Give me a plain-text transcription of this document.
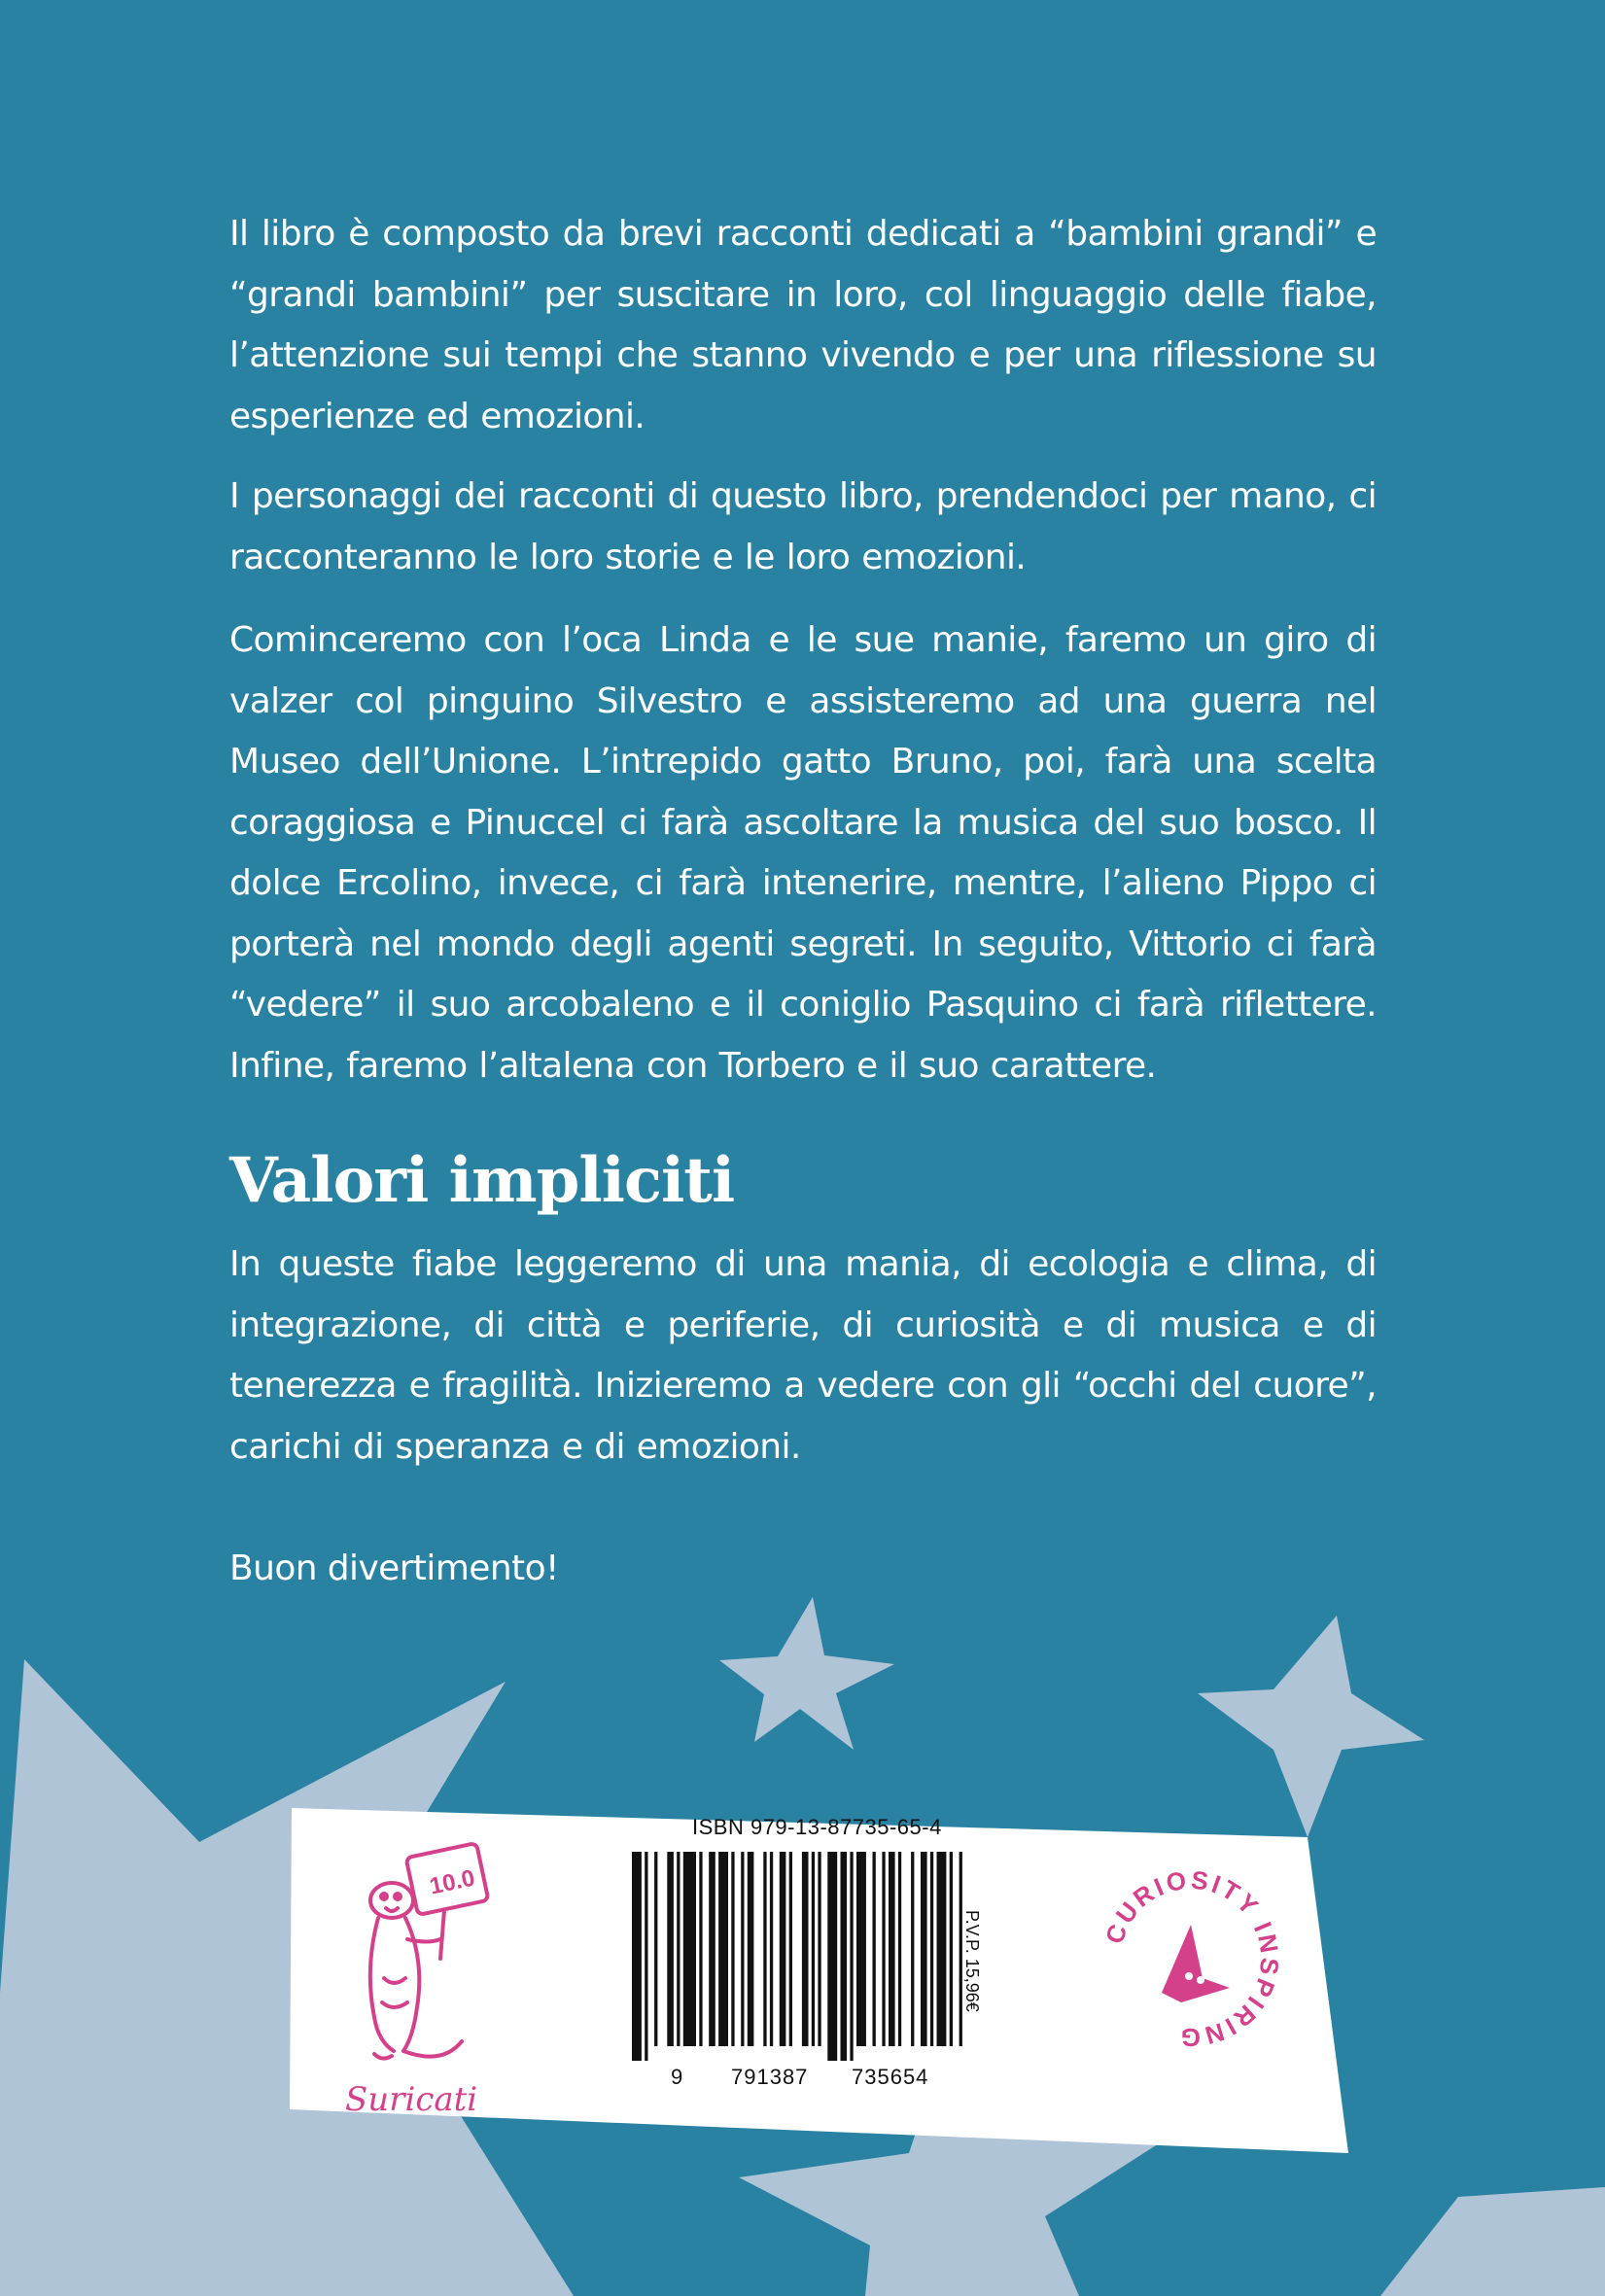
Il libro è composto da brevi racconti dedicati a “bambini grandi” e “grandi bambini” per suscitare in loro, col linguaggio delle fiabe, l’attenzione sui tempi che stanno vivendo e per una riflessione su esperienze ed emozioni.

I personaggi dei racconti di questo libro, prendendoci per mano, ci racconteranno le loro storie e le loro emozioni.

Cominceremo con l’oca Linda e le sue manie, faremo un giro di valzer col pinguino Silvestro e assisteremo ad una guerra nel Museo dell’Unione. L’intrepido gatto Bruno, poi, farà una scelta coraggiosa e Pinuccel ci farà ascoltare la musica del suo bosco. Il dolce Ercolino, invece, ci farà intenerire, mentre, l’alieno Pippo ci porterà nel mondo degli agenti segreti. In seguito, Vittorio ci farà “vedere” il suo arcobaleno e il coniglio Pasquino ci farà riflettere. Infine, faremo l’altalena con Torbero e il suo carattere.

Valori impliciti

In queste fiabe leggeremo di una mania, di ecologia e clima, di integrazione, di città e periferie, di curiosità e di musica e di tenerezza e fragilità. Inizieremo a vedere con gli “occhi del cuore”, carichi di speranza e di emozioni.

Buon divertimento!

10.0
Suricati
ISBN 979-13-87735-65-4
9 791387 735654
P.V.P. 15,96€	CURIOSITY INSPIRING
